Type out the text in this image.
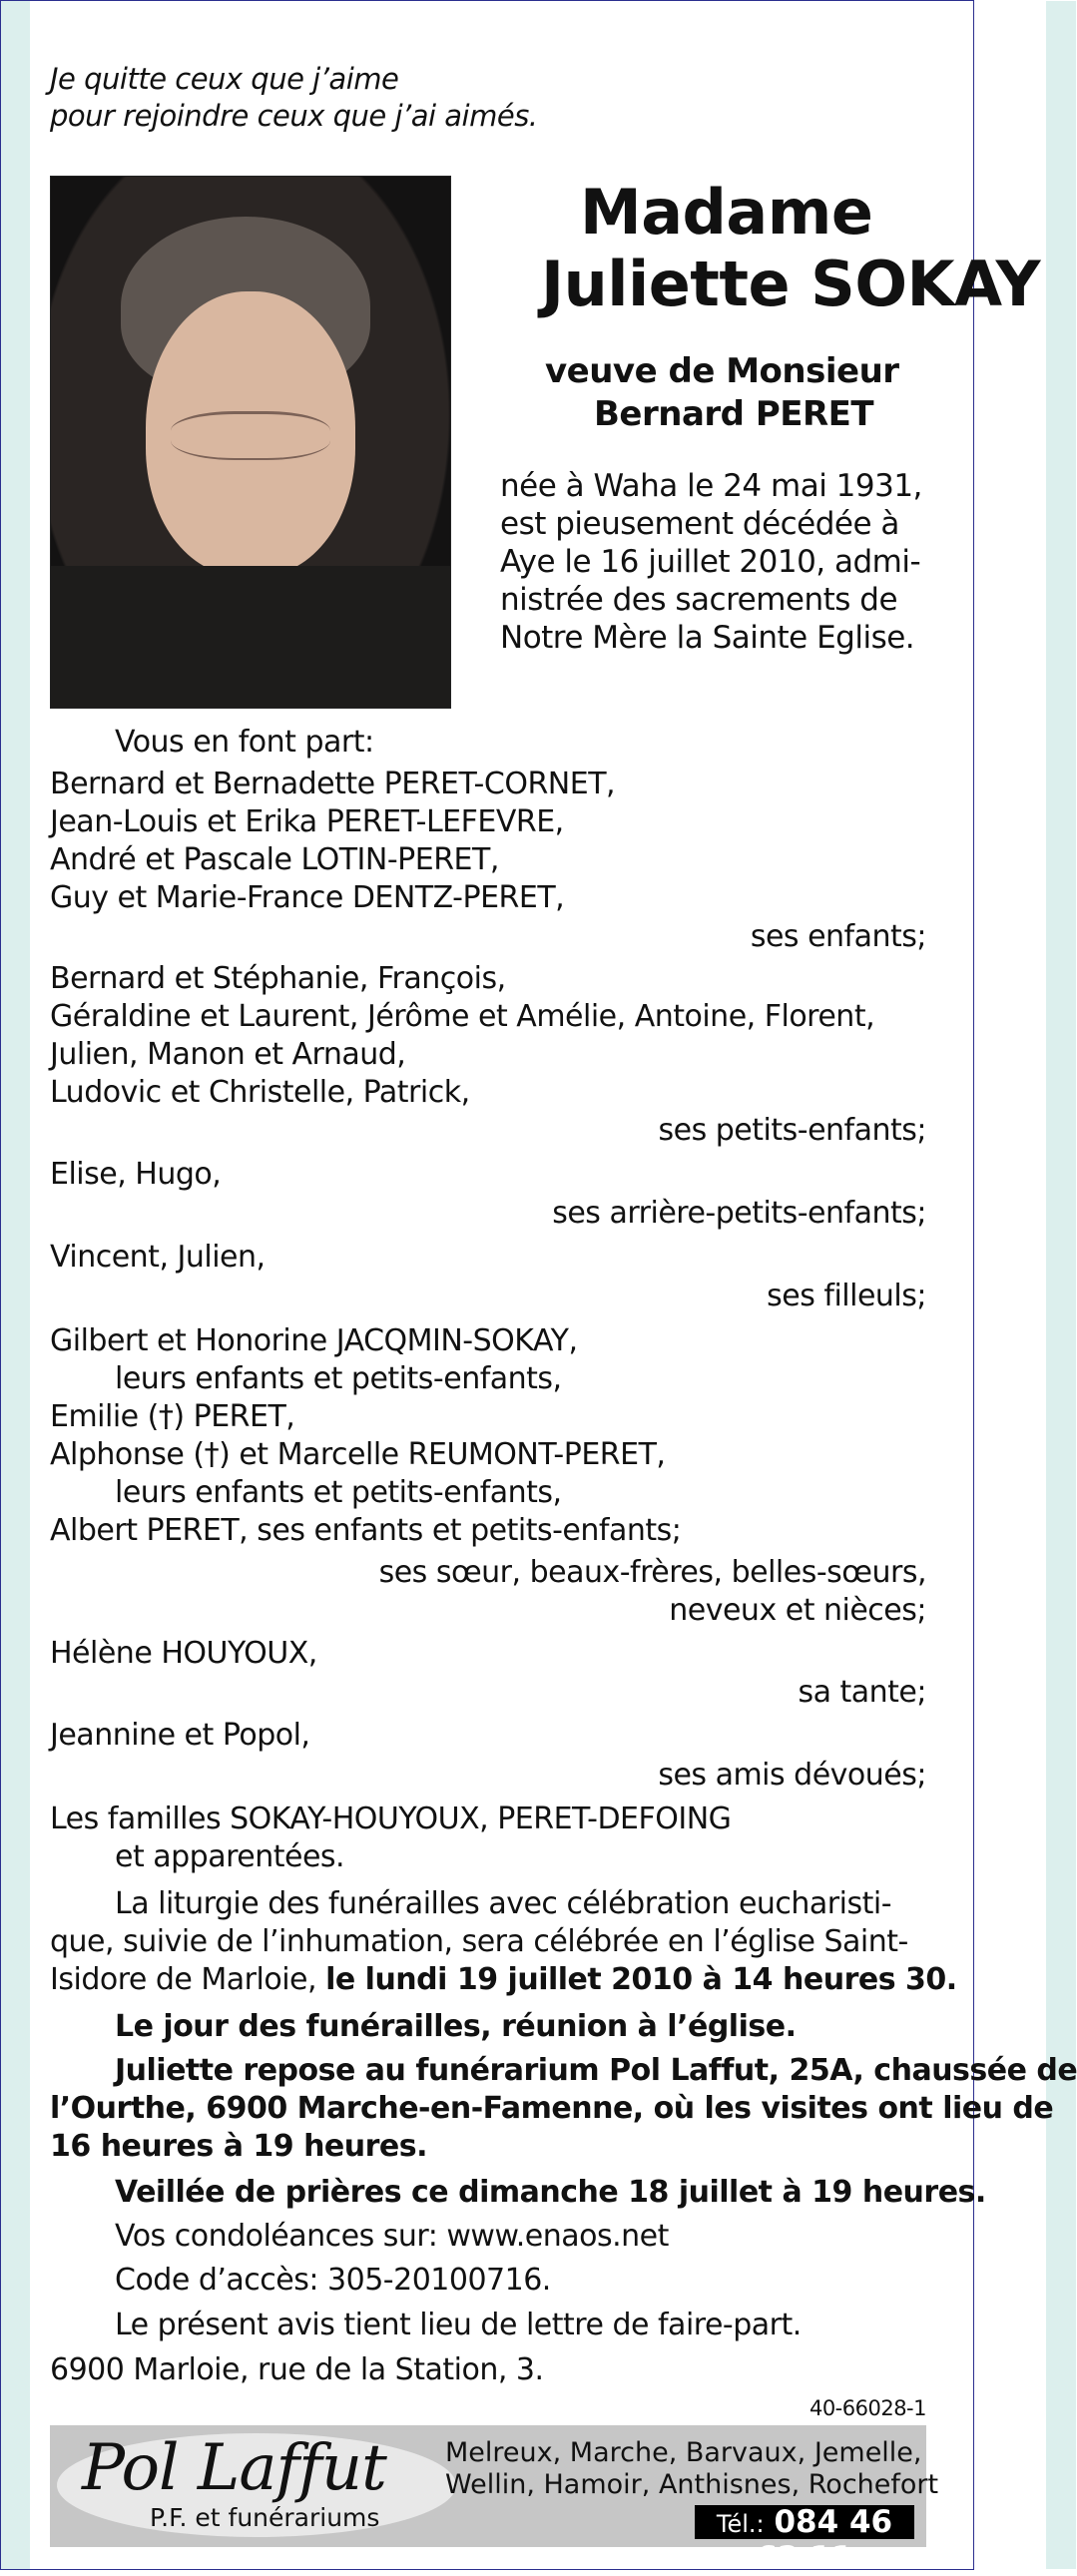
Je quitte ceux que j’aime
pour rejoindre ceux que j’ai aimés.
Madame
Juliette SOKAY
veuve de Monsieur
Bernard PERET
née à Waha le 24 mai 1931,
est pieusement décédée à
Aye le 16 juillet 2010, admi-
nistrée des sacrements de
Notre Mère la Sainte Eglise.
Vous en font part:
Bernard et Bernadette PERET-CORNET,
Jean-Louis et Erika PERET-LEFEVRE,
André et Pascale LOTIN-PERET,
Guy et Marie-France DENTZ-PERET,
ses enfants;
Bernard et Stéphanie, François,
Géraldine et Laurent, Jérôme et Amélie, Antoine, Florent,
Julien, Manon et Arnaud,
Ludovic et Christelle, Patrick,
ses petits-enfants;
Elise, Hugo,
ses arrière-petits-enfants;
Vincent, Julien,
ses filleuls;
Gilbert et Honorine JACQMIN-SOKAY,
leurs enfants et petits-enfants,
Emilie (†) PERET,
Alphonse (†) et Marcelle REUMONT-PERET,
leurs enfants et petits-enfants,
Albert PERET, ses enfants et petits-enfants;
ses sœur, beaux-frères, belles-sœurs,
neveux et nièces;
Hélène HOUYOUX,
sa tante;
Jeannine et Popol,
ses amis dévoués;
Les familles SOKAY-HOUYOUX, PERET-DEFOING
et apparentées.
La liturgie des funérailles avec célébration eucharisti-
que, suivie de l’inhumation, sera célébrée en l’église Saint-
Isidore de Marloie, le lundi 19 juillet 2010 à 14 heures 30.
Le jour des funérailles, réunion à l’église.
Juliette repose au funérarium Pol Laffut, 25A, chaussée de
l’Ourthe, 6900 Marche-en-Famenne, où les visites ont lieu de
16 heures à 19 heures.
Veillée de prières ce dimanche 18 juillet à 19 heures.
Vos condoléances sur: www.enaos.net
Code d’accès: 305-20100716.
Le présent avis tient lieu de lettre de faire-part.
6900 Marloie, rue de la Station, 3.
40-66028-1
Pol Laffut
P.F. et funérariums
Melreux, Marche, Barvaux, Jemelle,
Wellin, Hamoir, Anthisnes, Rochefort
Tél.: 084 46 62 11
